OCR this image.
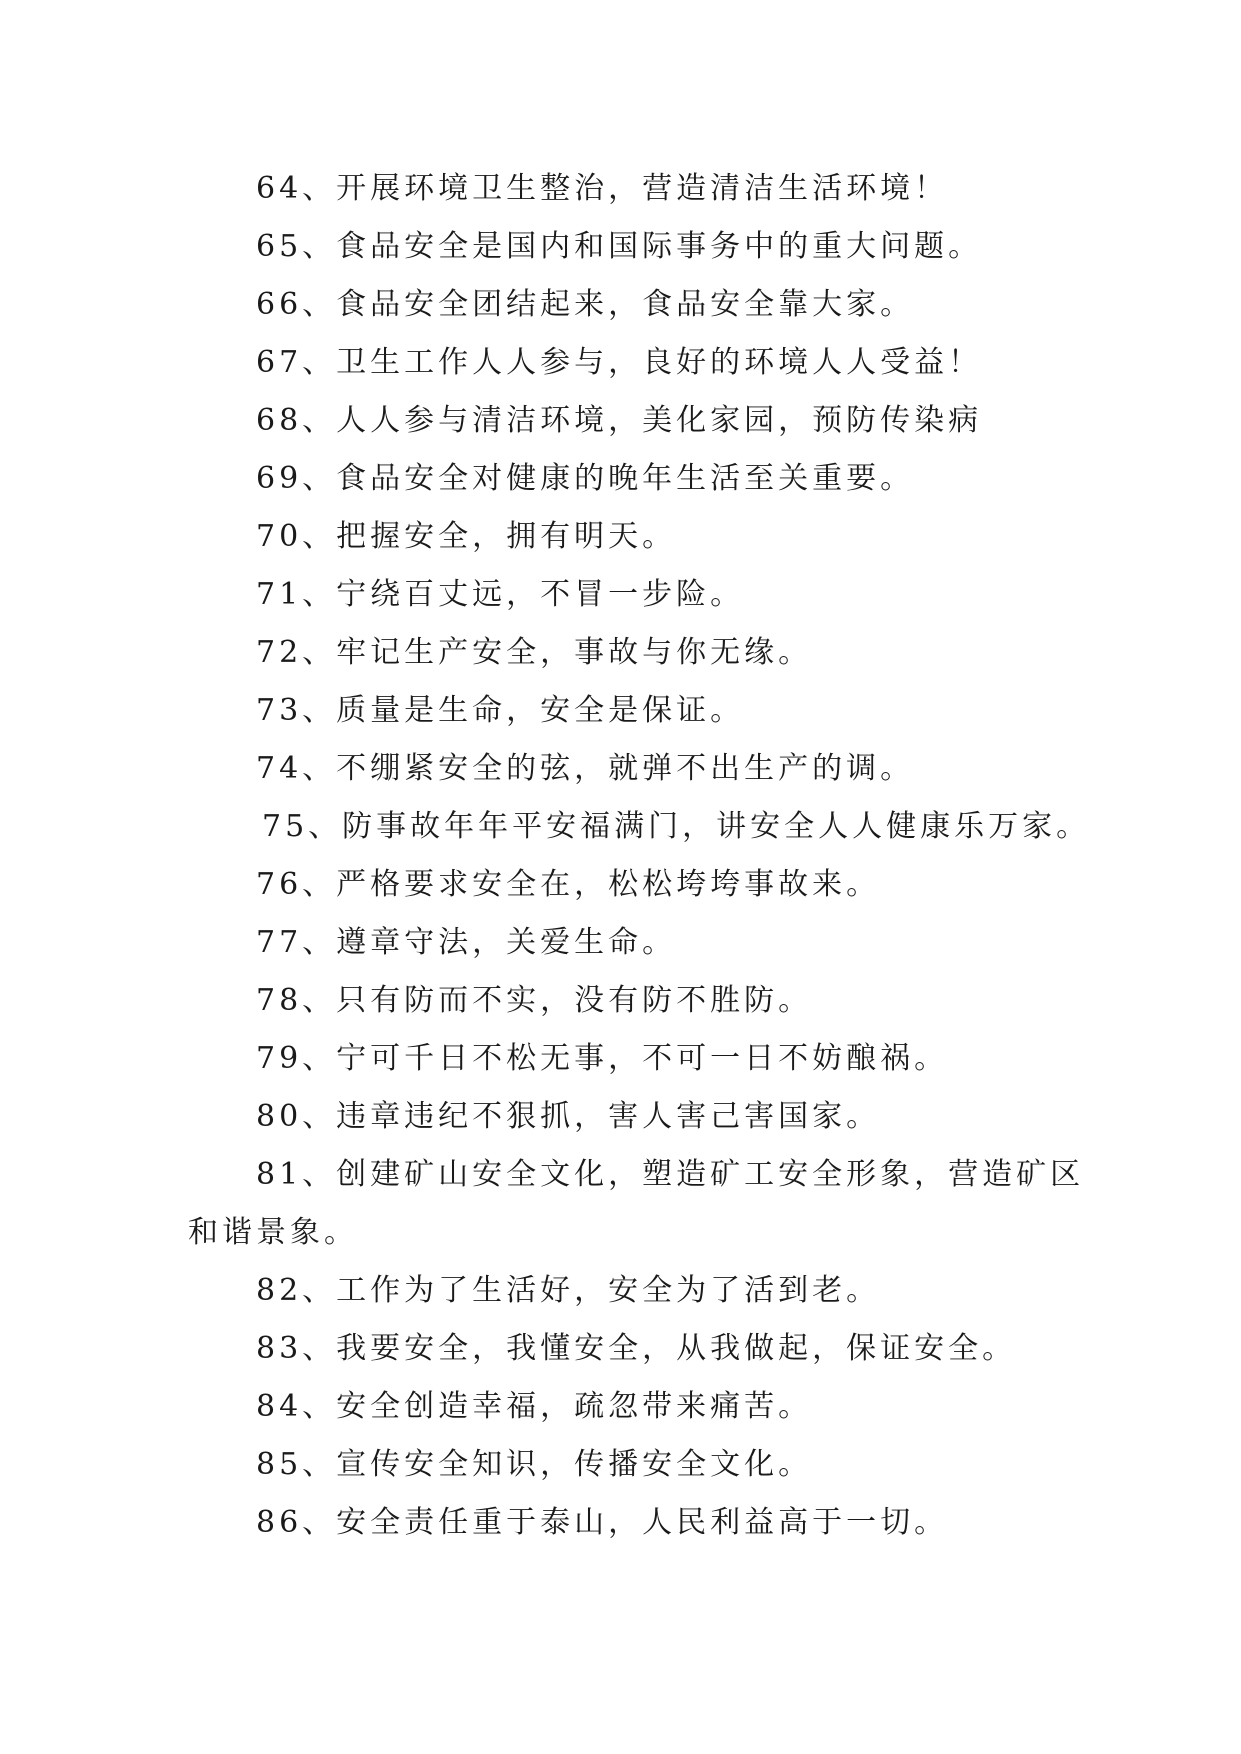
64、开展环境卫生整治，营造清洁生活环境！
65、食品安全是国内和国际事务中的重大问题。
66、食品安全团结起来，食品安全靠大家。
67、卫生工作人人参与，良好的环境人人受益！
68、人人参与清洁环境，美化家园，预防传染病
69、食品安全对健康的晚年生活至关重要。
70、把握安全，拥有明天。
71、宁绕百丈远，不冒一步险。
72、牢记生产安全，事故与你无缘。
73、质量是生命，安全是保证。
74、不绷紧安全的弦，就弹不出生产的调。
75、防事故年年平安福满门，讲安全人人健康乐万家。
76、严格要求安全在，松松垮垮事故来。
77、遵章守法，关爱生命。
78、只有防而不实，没有防不胜防。
79、宁可千日不松无事，不可一日不妨酿祸。
80、违章违纪不狠抓，害人害己害国家。
81、创建矿山安全文化，塑造矿工安全形象，营造矿区
和谐景象。
82、工作为了生活好，安全为了活到老。
83、我要安全，我懂安全，从我做起，保证安全。
84、安全创造幸福，疏忽带来痛苦。
85、宣传安全知识，传播安全文化。
86、安全责任重于泰山，人民利益高于一切。
